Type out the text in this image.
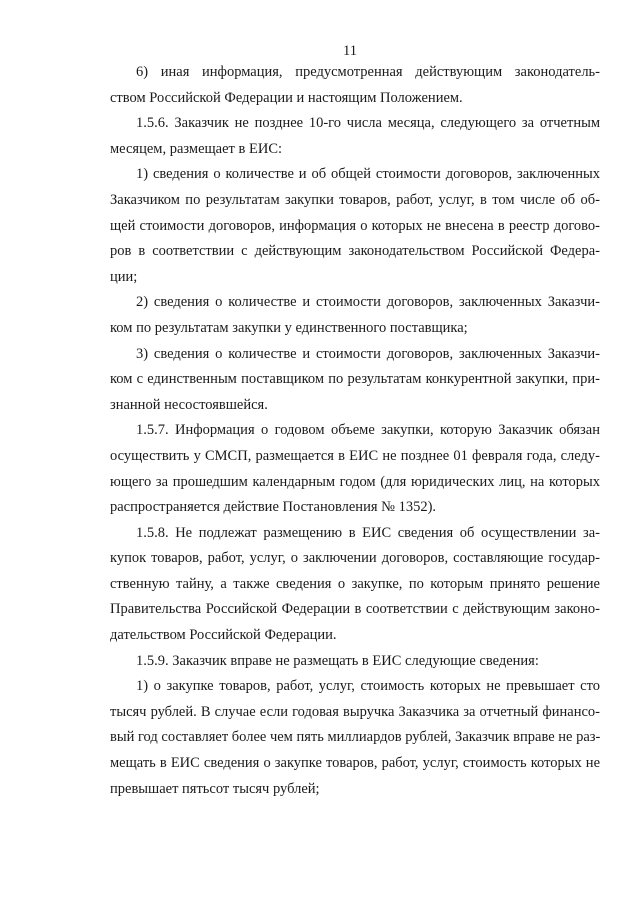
11

6) иная информация, предусмотренная действующим законодатель-
ством Российской Федерации и настоящим Положением.

1.5.6. Заказчик не позднее 10-го числа месяца, следующего за отчетным
месяцем, размещает в ЕИС:

1) сведения о количестве и об общей стоимости договоров, заключенных
Заказчиком по результатам закупки товаров, работ, услуг, в том числе об об-
щей стоимости договоров, информация о которых не внесена в реестр догово-
ров в соответствии с действующим законодательством Российской Федера-
ции;

2) сведения о количестве и стоимости договоров, заключенных Заказчи-
ком по результатам закупки у единственного поставщика;

3) сведения о количестве и стоимости договоров, заключенных Заказчи-
ком с единственным поставщиком по результатам конкурентной закупки, при-
знанной несостоявшейся.

1.5.7. Информация о годовом объеме закупки, которую Заказчик обязан
осуществить у СМСП, размещается в ЕИС не позднее 01 февраля года, следу-
ющего за прошедшим календарным годом (для юридических лиц, на которых
распространяется действие Постановления № 1352).

1.5.8. Не подлежат размещению в ЕИС сведения об осуществлении за-
купок товаров, работ, услуг, о заключении договоров, составляющие государ-
ственную тайну, а также сведения о закупке, по которым принято решение
Правительства Российской Федерации в соответствии с действующим законо-
дательством Российской Федерации.

1.5.9. Заказчик вправе не размещать в ЕИС следующие сведения:

1) о закупке товаров, работ, услуг, стоимость которых не превышает сто
тысяч рублей. В случае если годовая выручка Заказчика за отчетный финансо-
вый год составляет более чем пять миллиардов рублей, Заказчик вправе не раз-
мещать в ЕИС сведения о закупке товаров, работ, услуг, стоимость которых не
превышает пятьсот тысяч рублей;
